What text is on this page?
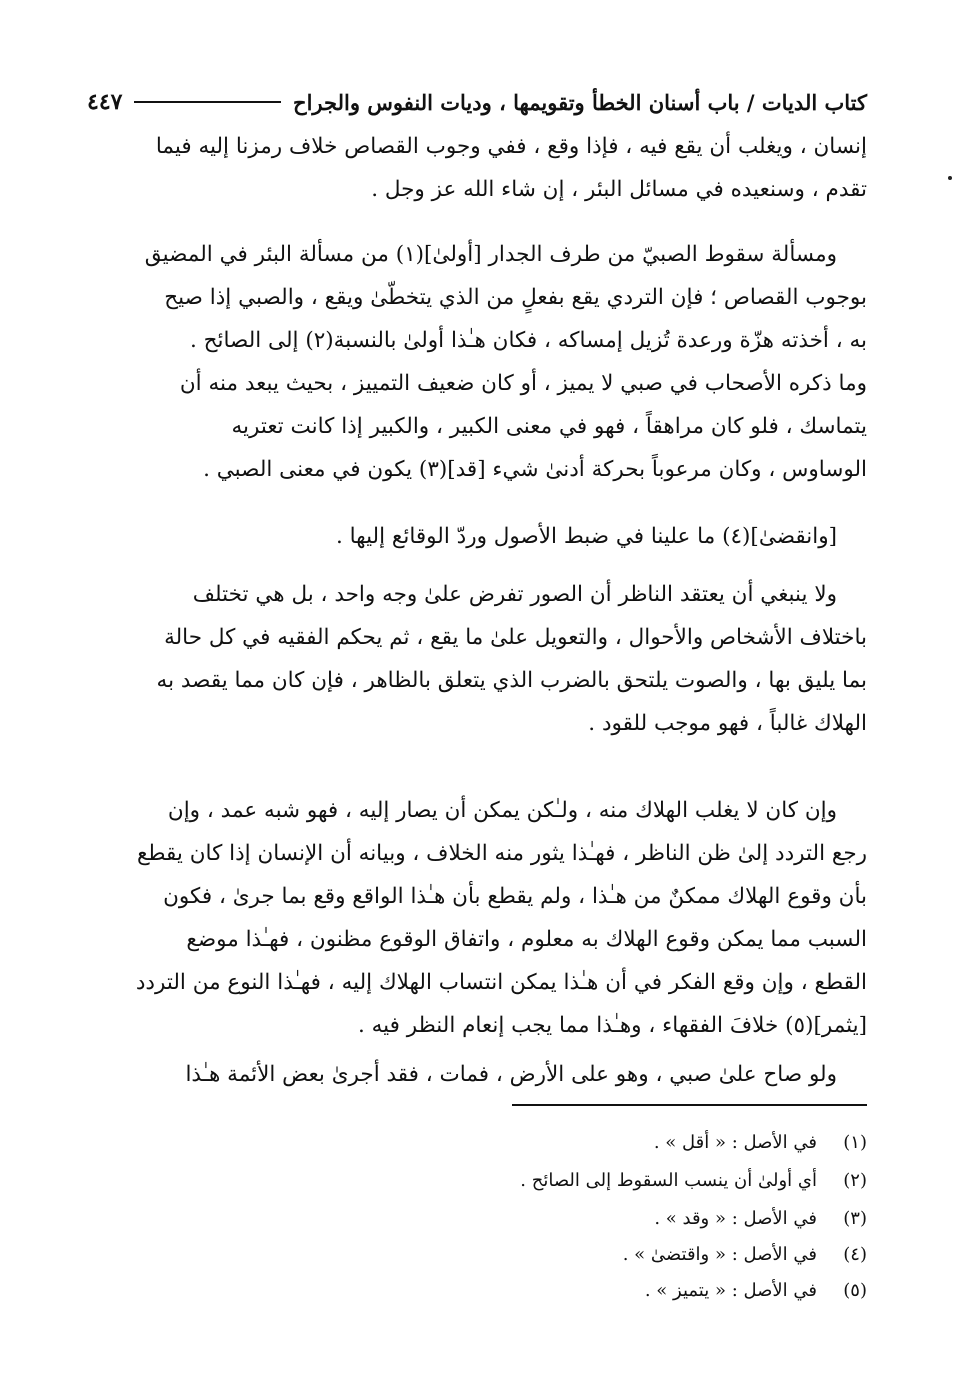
كتاب الديات / باب أسنان الخطأ وتقويمها ، وديات النفوس والجراح
٤٤٧
إنسان ، ويغلب أن يقع فيه ، فإذا وقع ، ففي وجوب القصاص خلاف رمزنا إليه فيما
تقدم ، وسنعيده في مسائل البئر ، إن شاء الله عز وجل .
ومسألة سقوط الصبيّ من طرف الجدار [أولىٰ](١) من مسألة البئر في المضيق
بوجوب القصاص ؛ فإن التردي يقع بفعلٍ من الذي يتخطّىٰ ويقع ، والصبي إذا صيح
به ، أخذته هزّة ورعدة تُزيل إمساكه ، فكان هـٰذا أولىٰ بالنسبة(٢) إلى الصائح .
وما ذكره الأصحاب في صبي لا يميز ، أو كان ضعيف التمييز ، بحيث يبعد منه أن
يتماسك ، فلو كان مراهقاً ، فهو في معنى الكبير ، والكبير إذا كانت تعتريه
الوساوس ، وكان مرعوباً بحركة أدنىٰ شيء [قد](٣) يكون في معنى الصبي .
[وانقضىٰ](٤) ما علينا في ضبط الأصول وردّ الوقائع إليها .
ولا ينبغي أن يعتقد الناظر أن الصور تفرض علىٰ وجه واحد ، بل هي تختلف
باختلاف الأشخاص والأحوال ، والتعويل علىٰ ما يقع ، ثم يحكم الفقيه في كل حالة
بما يليق بها ، والصوت يلتحق بالضرب الذي يتعلق بالظاهر ، فإن كان مما يقصد به
الهلاك غالباً ، فهو موجب للقود .
وإن كان لا يغلب الهلاك منه ، ولـٰكن يمكن أن يصار إليه ، فهو شبه عمد ، وإن
رجع التردد إلىٰ ظن الناظر ، فهـٰذا يثور منه الخلاف ، وبيانه أن الإنسان إذا كان يقطع
بأن وقوع الهلاك ممكنٌ من هـٰذا ، ولم يقطع بأن هـٰذا الواقع وقع بما جرىٰ ، فكون
السبب مما يمكن وقوع الهلاك به معلوم ، واتفاق الوقوع مظنون ، فهـٰذا موضع
القطع ، وإن وقع الفكر في أن هـٰذا يمكن انتساب الهلاك إليه ، فهـٰذا النوع من التردد
[يثمر](٥) خلافَ الفقهاء ، وهـٰذا مما يجب إنعام النظر فيه .
ولو صاح علىٰ صبي ، وهو على الأرض ، فمات ، فقد أجرىٰ بعض الأئمة هـٰذا
(١)في الأصل : « أقل » .
(٢)أي أولىٰ أن ينسب السقوط إلى الصائح .
(٣)في الأصل : « وقد » .
(٤)في الأصل : « واقتضىٰ » .
(٥)في الأصل : « يتميز » .
